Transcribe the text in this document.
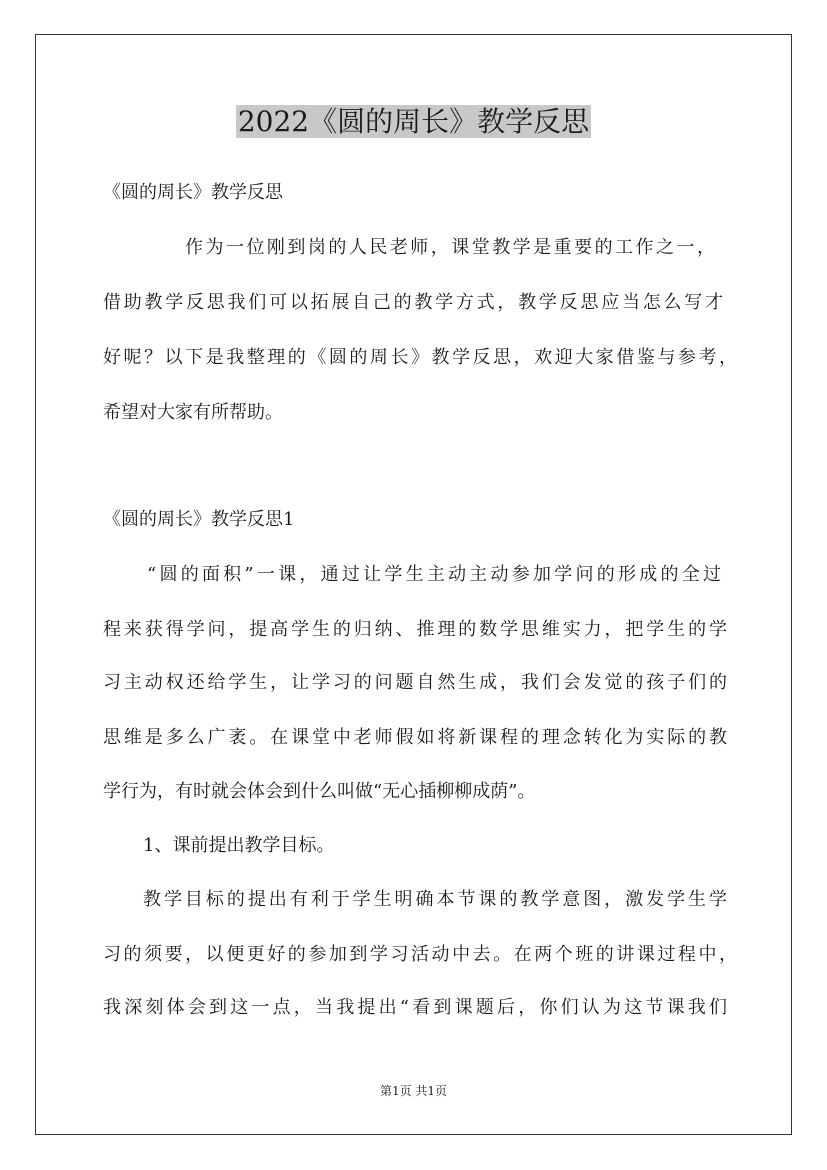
2022《圆的周长》教学反思

《圆的周长》教学反思

作为一位刚到岗的人民老师，课堂教学是重要的工作之一，

借助教学反思我们可以拓展自己的教学方式，教学反思应当怎么写才

好呢？以下是我整理的《圆的周长》教学反思，欢迎大家借鉴与参考，

希望对大家有所帮助。

《圆的周长》教学反思1

“圆的面积”一课，通过让学生主动主动参加学问的形成的全过

程来获得学问，提高学生的归纳、推理的数学思维实力，把学生的学

习主动权还给学生，让学习的问题自然生成，我们会发觉的孩子们的

思维是多么广袤。在课堂中老师假如将新课程的理念转化为实际的教

学行为，有时就会体会到什么叫做“无心插柳柳成荫”。

1、课前提出教学目标。

教学目标的提出有利于学生明确本节课的教学意图，激发学生学

习的须要，以便更好的参加到学习活动中去。在两个班的讲课过程中，

我深刻体会到这一点，当我提出“看到课题后，你们认为这节课我们

第1页 共1页
